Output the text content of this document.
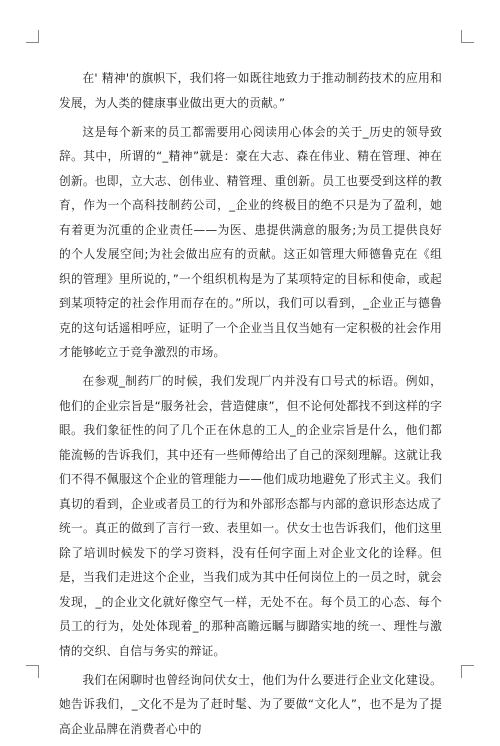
在' 精神'的旗帜下，我们将一如既往地致力于推动制药技术的应用和发展，为人类的健康事业做出更大的贡献。”

这是每个新来的员工都需要用心阅读用心体会的关于_历史的领导致辞。其中，所谓的“_精神”就是：豪在大志、森在伟业、精在管理、神在创新。也即，立大志、创伟业、精管理、重创新。员工也要受到这样的教育，作为一个高科技制药公司，_企业的终极目的绝不只是为了盈利，她有着更为沉重的企业责任——为医、患提供满意的服务;为员工提供良好的个人发展空间;为社会做出应有的贡献。这正如管理大师德鲁克在《组织的管理》里所说的，”一个组织机构是为了某项特定的目标和使命，或起到某项特定的社会作用而存在的。”所以，我们可以看到，_企业正与德鲁克的这句话遥相呼应，证明了一个企业当且仅当她有一定积极的社会作用才能够屹立于竞争激烈的市场。

在参观_制药厂的时候，我们发现厂内并没有口号式的标语。例如，他们的企业宗旨是“服务社会，营造健康”，但不论何处都找不到这样的字眼。我们象征性的问了几个正在休息的工人_的企业宗旨是什么，他们都能流畅的告诉我们，其中还有一些师傅给出了自己的深刻理解。这就让我们不得不佩服这个企业的管理能力——他们成功地避免了形式主义。我们真切的看到，企业或者员工的行为和外部形态都与内部的意识形态达成了统一。真正的做到了言行一致、表里如一。伏女士也告诉我们，他们这里除了培训时候发下的学习资料，没有任何字面上对企业文化的诠释。但是，当我们走进这个企业，当我们成为其中任何岗位上的一员之时，就会发现，_的企业文化就好像空气一样，无处不在。每个员工的心态、每个员工的行为，处处体现着_的那种高瞻远瞩与脚踏实地的统一、理性与激情的交织、自信与务实的辩证。

我们在闲聊时也曾经询问伏女士，他们为什么要进行企业文化建设。她告诉我们，_文化不是为了赶时髦、为了要做“文化人”，也不是为了提高企业品牌在消费者心中的
